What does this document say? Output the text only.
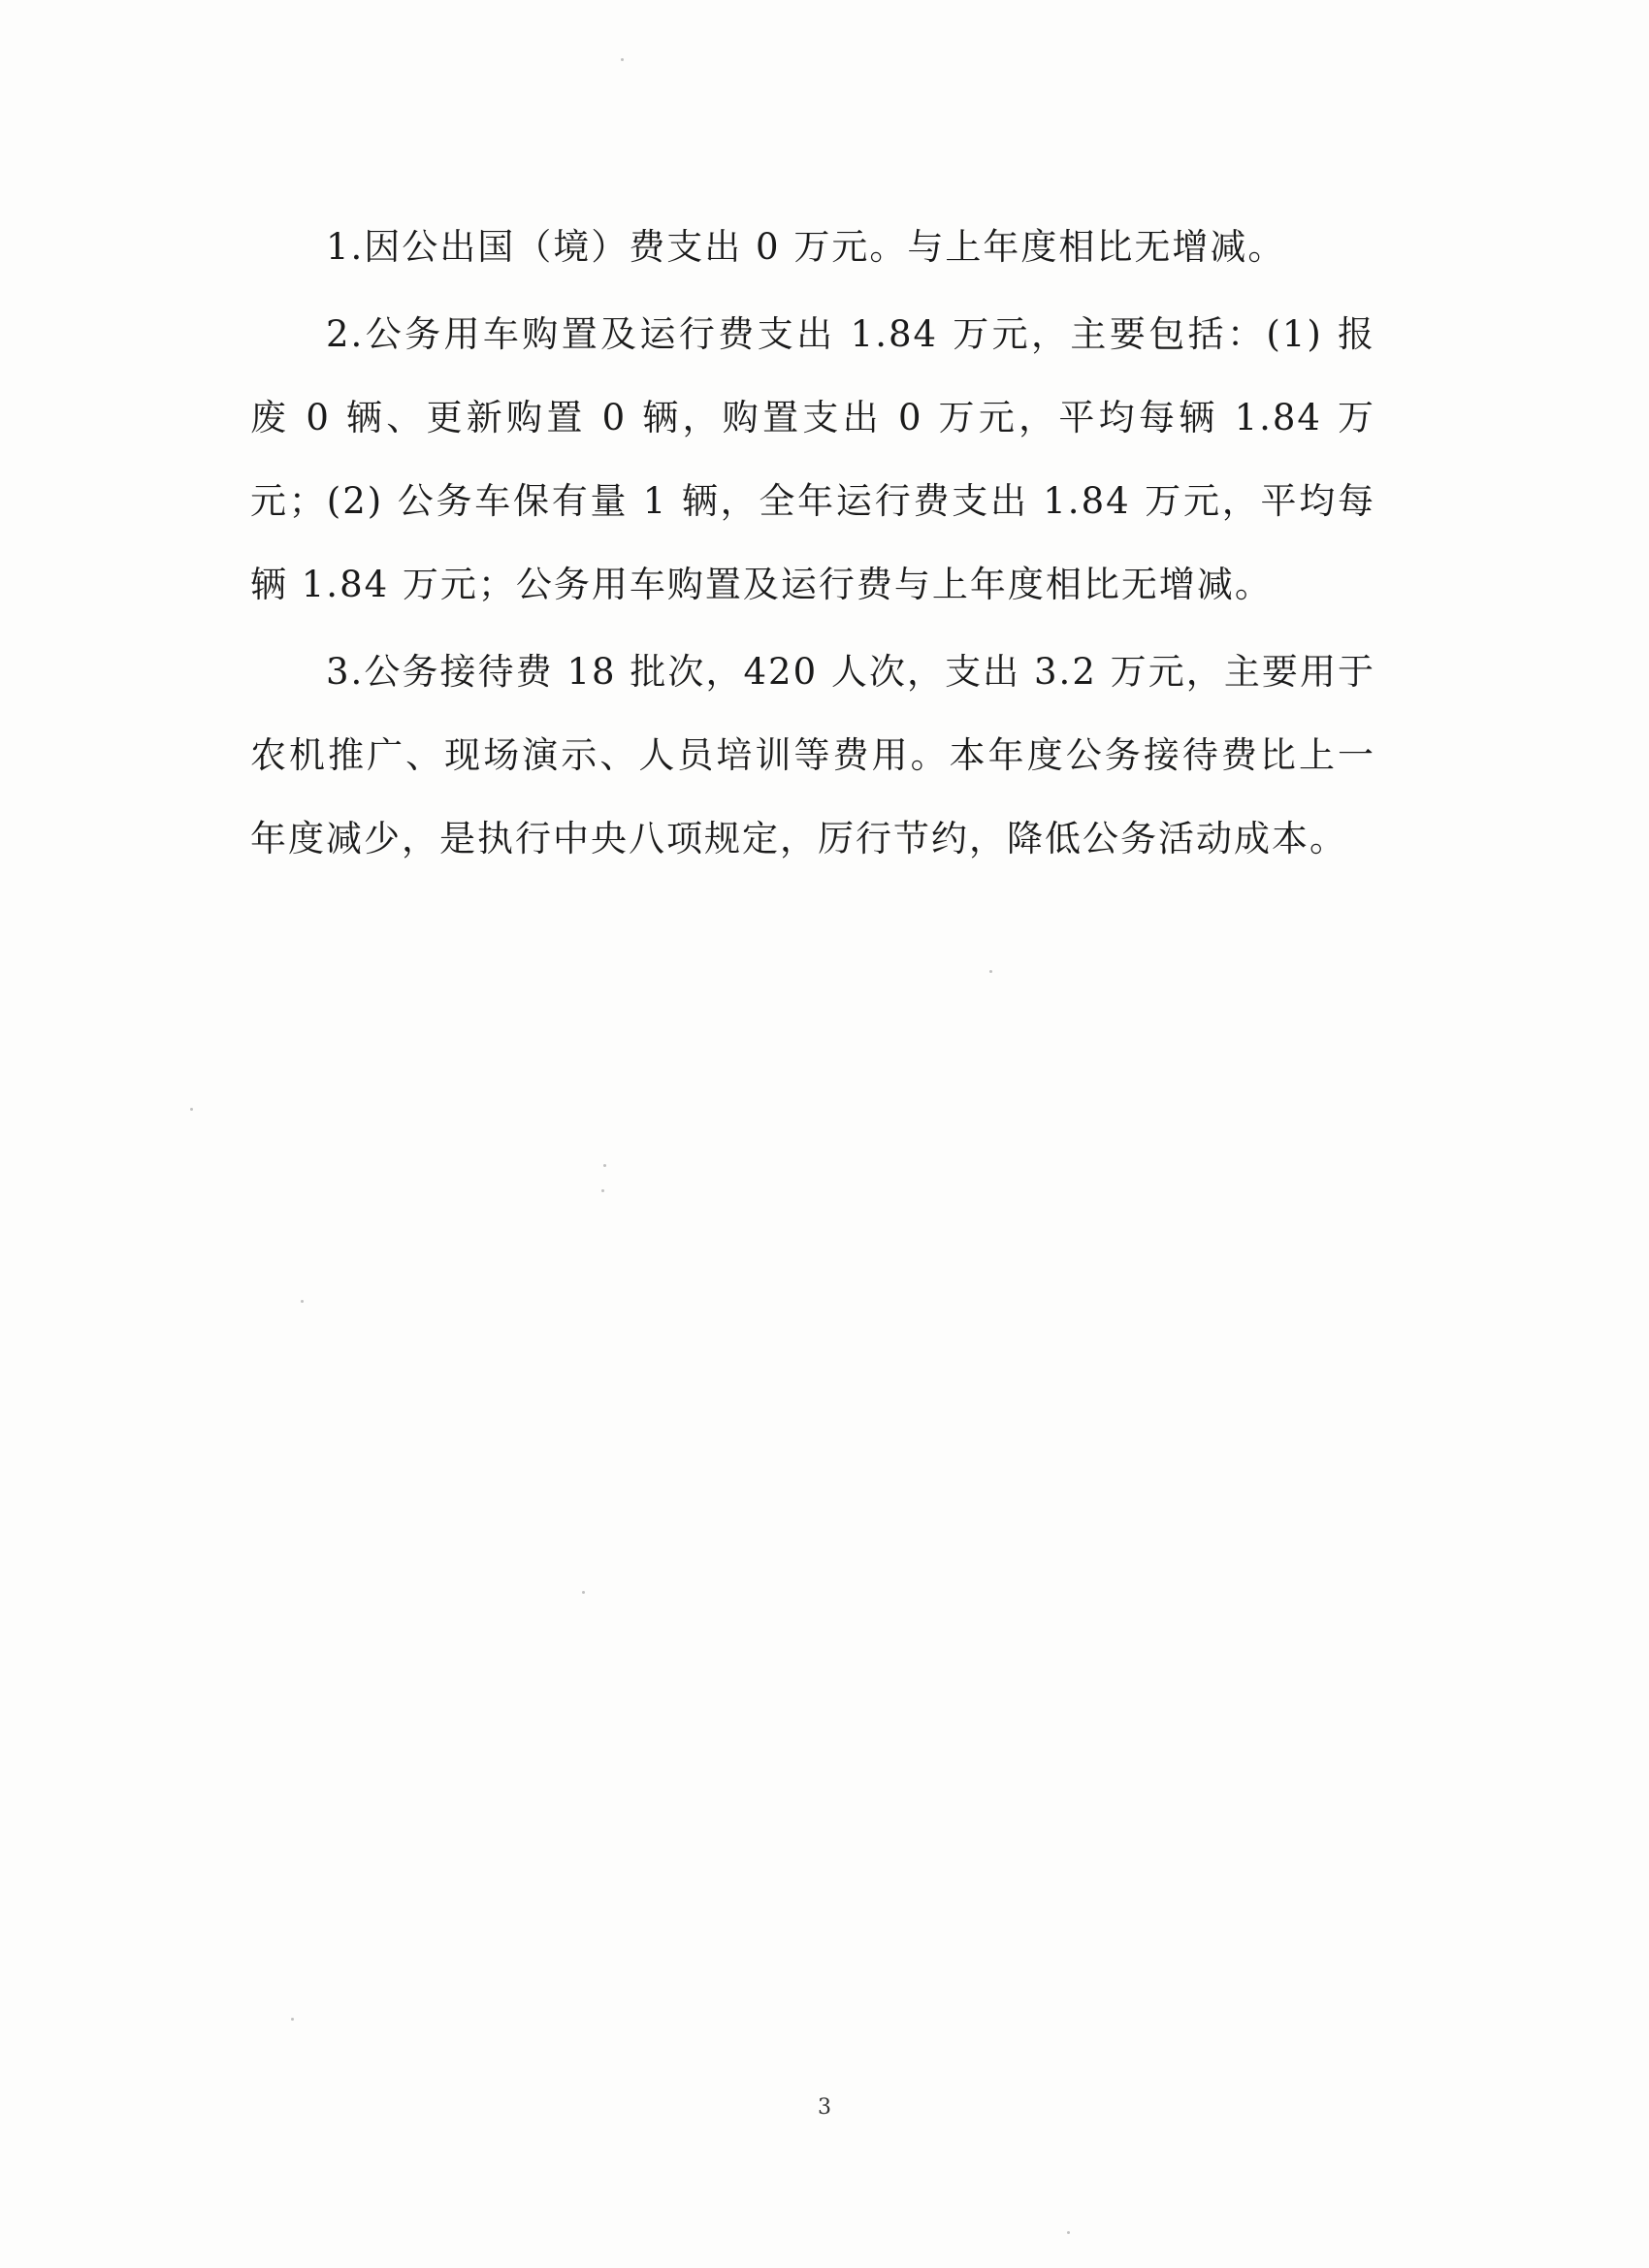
1.因公出国（境）费支出 0 万元。与上年度相比无增减。

2.公务用车购置及运行费支出 1.84 万元，主要包括：(1) 报废 0 辆、更新购置 0 辆，购置支出 0 万元，平均每辆 1.84 万元；(2) 公务车保有量 1 辆，全年运行费支出 1.84 万元，平均每辆 1.84 万元；公务用车购置及运行费与上年度相比无增减。

3.公务接待费 18 批次，420 人次，支出 3.2 万元，主要用于农机推广、现场演示、人员培训等费用。本年度公务接待费比上一年度减少，是执行中央八项规定，厉行节约，降低公务活动成本。

3
